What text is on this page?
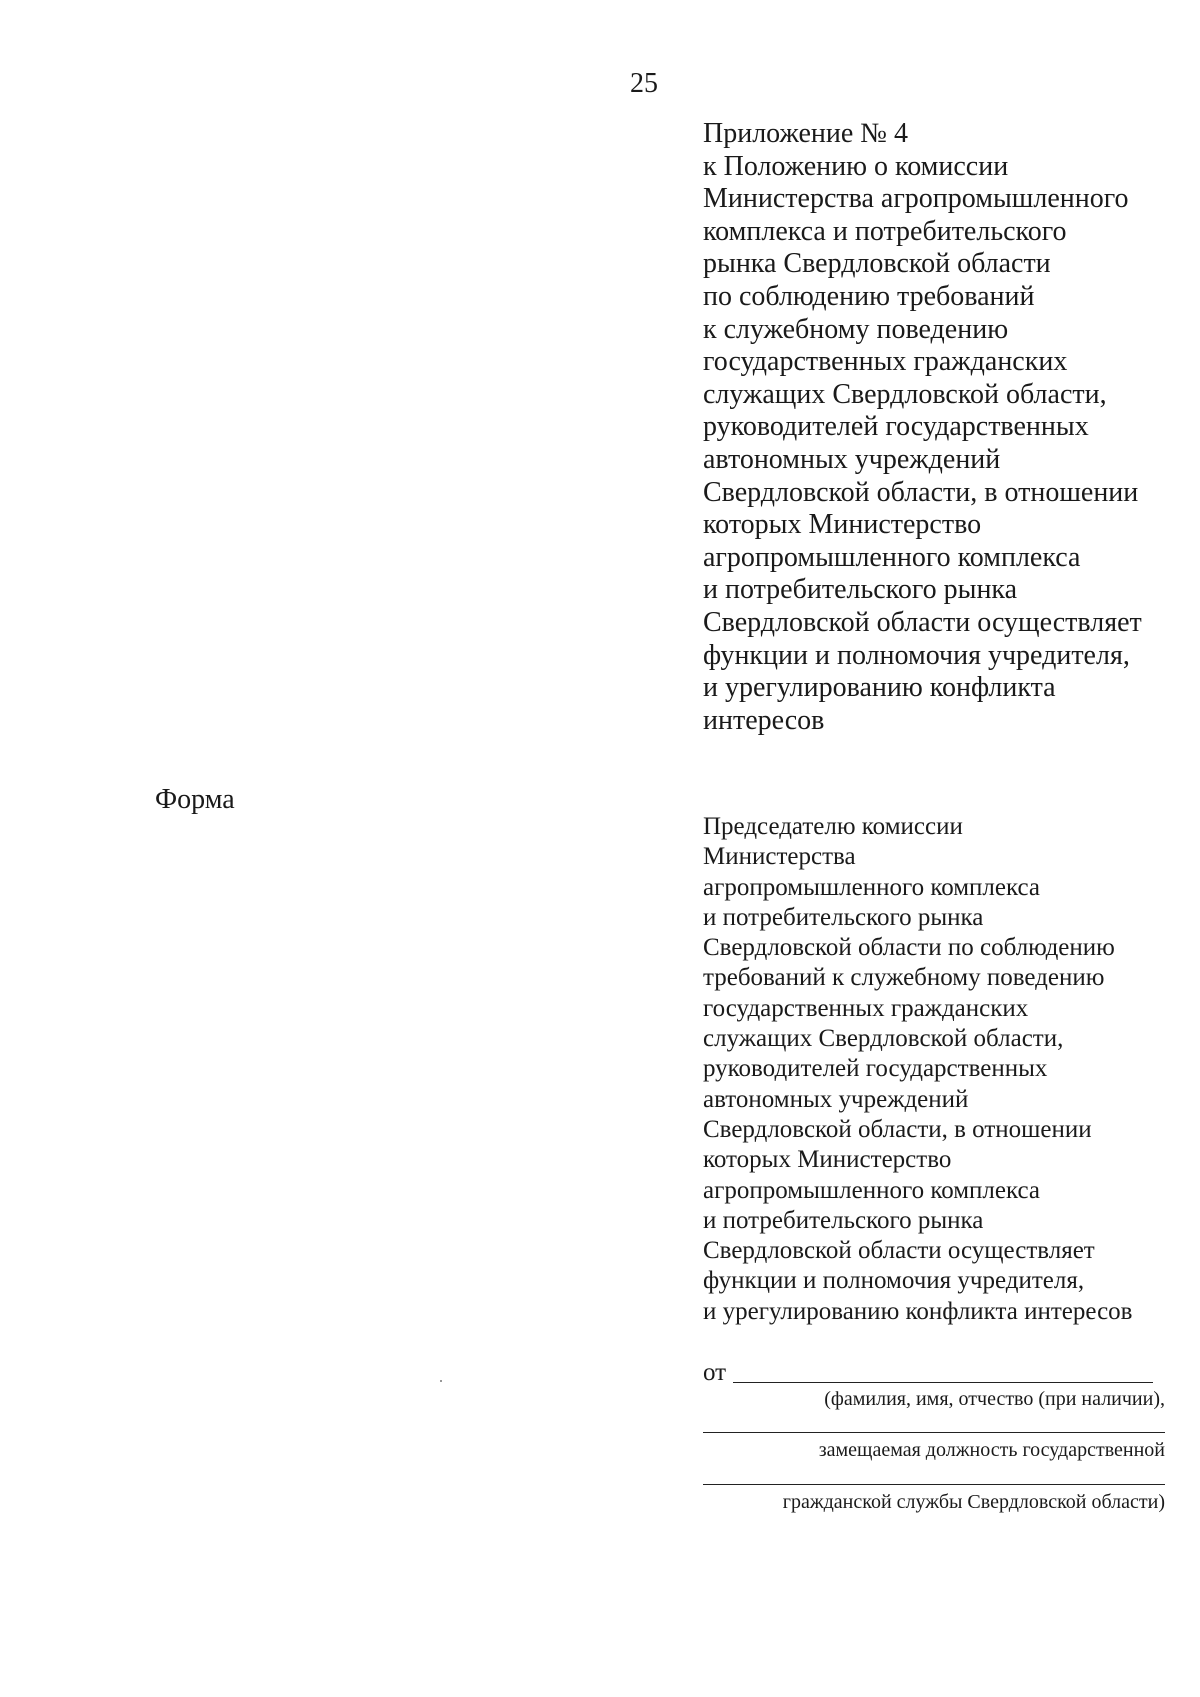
25
Приложение № 4
к Положению о комиссии
Министерства агропромышленного
комплекса и потребительского
рынка Свердловской области
по соблюдению требований
к служебному поведению
государственных гражданских
служащих Свердловской области,
руководителей государственных
автономных учреждений
Свердловской области, в отношении
которых Министерство
агропромышленного комплекса
и потребительского рынка
Свердловской области осуществляет
функции и полномочия учредителя,
и урегулированию конфликта
интересов
Форма
Председателю комиссии
Министерства
агропромышленного комплекса
и потребительского рынка
Свердловской области по соблюдению
требований к служебному поведению
государственных гражданских
служащих Свердловской области,
руководителей государственных
автономных учреждений
Свердловской области, в отношении
которых Министерство
агропромышленного комплекса
и потребительского рынка
Свердловской области осуществляет
функции и полномочия учредителя,
и урегулированию конфликта интересов
от
(фамилия, имя, отчество (при наличии),
замещаемая должность государственной
гражданской службы Свердловской области)
